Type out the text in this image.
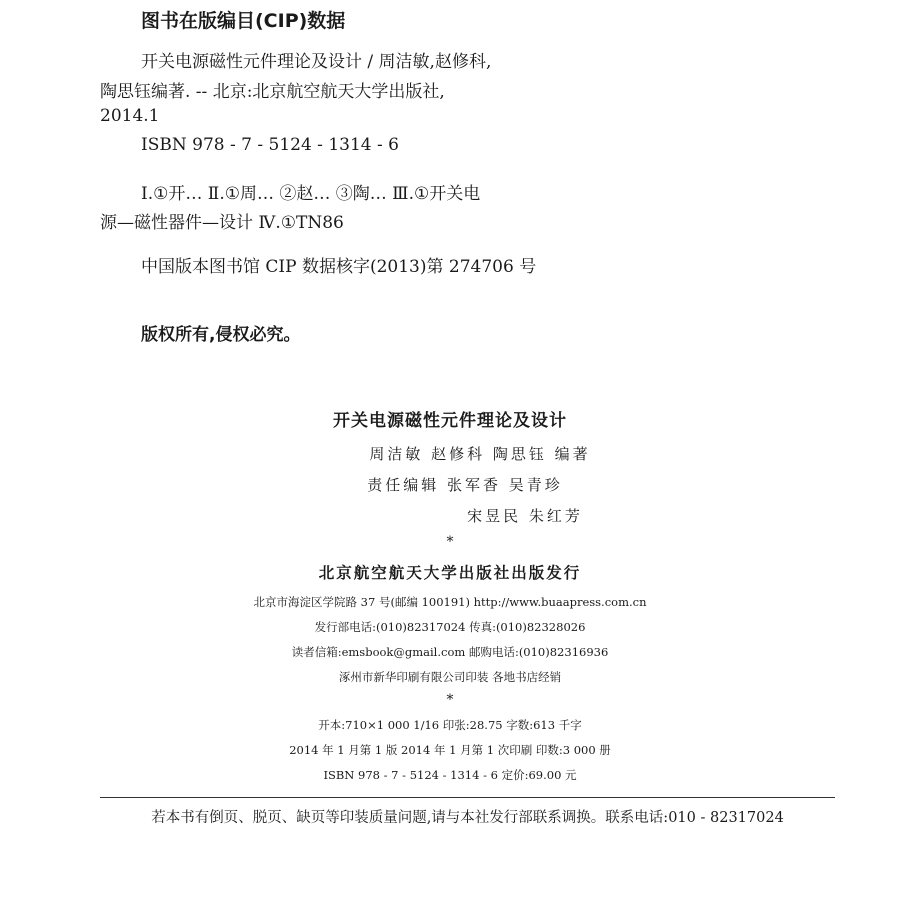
图书在版编目(CIP)数据
开关电源磁性元件理论及设计 / 周洁敏,赵修科,
陶思钰编著. -- 北京:北京航空航天大学出版社,
2014.1
ISBN 978 - 7 - 5124 - 1314 - 6
Ⅰ.①开… Ⅱ.①周… ②赵… ③陶… Ⅲ.①开关电
源—磁性器件—设计 Ⅳ.①TN86
中国版本图书馆 CIP 数据核字(2013)第 274706 号
版权所有,侵权必究。
开关电源磁性元件理论及设计
周洁敏 赵修科 陶思钰 编著
责任编辑 张军香 吴青珍
宋昱民 朱红芳
*
北京航空航天大学出版社出版发行
北京市海淀区学院路 37 号(邮编 100191) http://www.buaapress.com.cn
发行部电话:(010)82317024 传真:(010)82328026
读者信箱:emsbook@gmail.com 邮购电话:(010)82316936
涿州市新华印刷有限公司印装 各地书店经销
*
开本:710×1 000 1/16 印张:28.75 字数:613 千字
2014 年 1 月第 1 版 2014 年 1 月第 1 次印刷 印数:3 000 册
ISBN 978 - 7 - 5124 - 1314 - 6 定价:69.00 元
若本书有倒页、脱页、缺页等印装质量问题,请与本社发行部联系调换。联系电话:010 - 82317024
